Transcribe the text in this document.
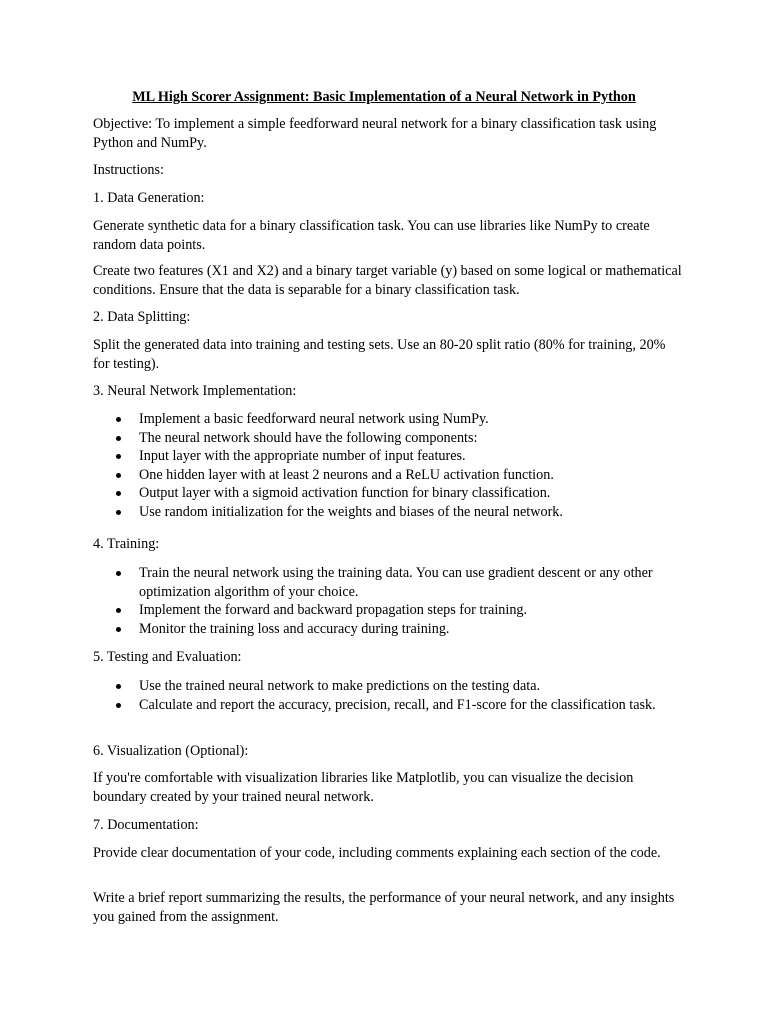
ML High Scorer Assignment: Basic Implementation of a Neural Network in Python

Objective: To implement a simple feedforward neural network for a binary classification task using Python and NumPy.

Instructions:

1. Data Generation:

Generate synthetic data for a binary classification task. You can use libraries like NumPy to create random data points.

Create two features (X1 and X2) and a binary target variable (y) based on some logical or mathematical conditions. Ensure that the data is separable for a binary classification task.

2. Data Splitting:

Split the generated data into training and testing sets. Use an 80-20 split ratio (80% for training, 20% for testing).

3. Neural Network Implementation:

Implement a basic feedforward neural network using NumPy.
The neural network should have the following components:
Input layer with the appropriate number of input features.
One hidden layer with at least 2 neurons and a ReLU activation function.
Output layer with a sigmoid activation function for binary classification.
Use random initialization for the weights and biases of the neural network.

4. Training:

Train the neural network using the training data. You can use gradient descent or any other optimization algorithm of your choice.
Implement the forward and backward propagation steps for training.
Monitor the training loss and accuracy during training.

5. Testing and Evaluation:

Use the trained neural network to make predictions on the testing data.
Calculate and report the accuracy, precision, recall, and F1-score for the classification task.

6. Visualization (Optional):

If you're comfortable with visualization libraries like Matplotlib, you can visualize the decision boundary created by your trained neural network.

7. Documentation:

Provide clear documentation of your code, including comments explaining each section of the code.

Write a brief report summarizing the results, the performance of your neural network, and any insights you gained from the assignment.
